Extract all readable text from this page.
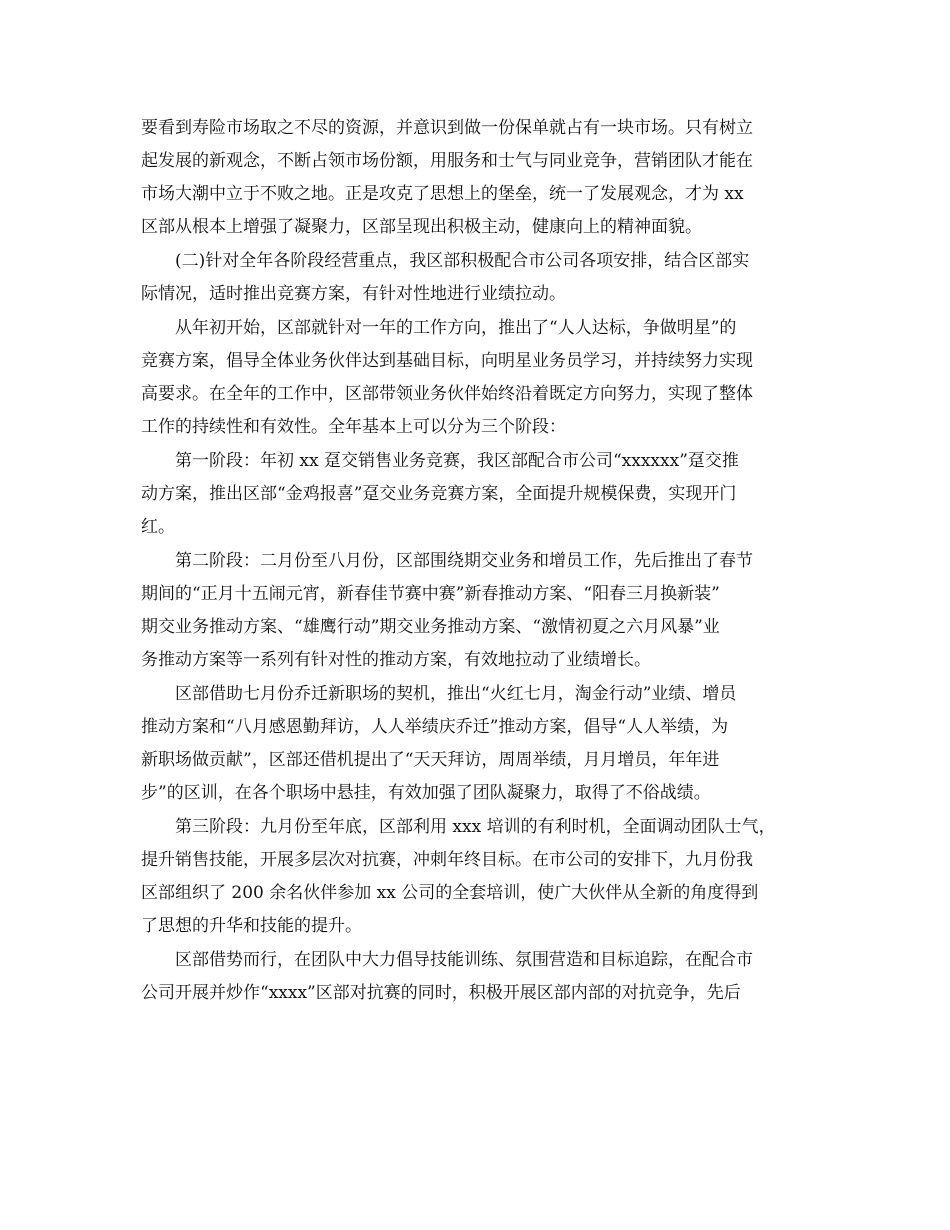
要看到寿险市场取之不尽的资源，并意识到做一份保单就占有一块市场。只有树立
起发展的新观念，不断占领市场份额，用服务和士气与同业竞争，营销团队才能在
市场大潮中立于不败之地。正是攻克了思想上的堡垒，统一了发展观念，才为 xx
区部从根本上增强了凝聚力，区部呈现出积极主动，健康向上的精神面貌。
(二)针对全年各阶段经营重点，我区部积极配合市公司各项安排，结合区部实
际情况，适时推出竞赛方案，有针对性地进行业绩拉动。
从年初开始，区部就针对一年的工作方向，推出了“人人达标，争做明星”的
竞赛方案，倡导全体业务伙伴达到基础目标，向明星业务员学习，并持续努力实现
高要求。在全年的工作中，区部带领业务伙伴始终沿着既定方向努力，实现了整体
工作的持续性和有效性。全年基本上可以分为三个阶段：
第一阶段：年初 xx 趸交销售业务竞赛，我区部配合市公司“xxxxxx”趸交推
动方案，推出区部“金鸡报喜”趸交业务竞赛方案，全面提升规模保费，实现开门
红。
第二阶段：二月份至八月份，区部围绕期交业务和增员工作，先后推出了春节
期间的“正月十五闹元宵，新春佳节赛中赛”新春推动方案、“阳春三月换新装”
期交业务推动方案、“雄鹰行动”期交业务推动方案、“激情初夏之六月风暴”业
务推动方案等一系列有针对性的推动方案，有效地拉动了业绩增长。
区部借助七月份乔迁新职场的契机，推出“火红七月，淘金行动”业绩、增员
推动方案和“八月感恩勤拜访，人人举绩庆乔迁”推动方案，倡导“人人举绩，为
新职场做贡献”，区部还借机提出了“天天拜访，周周举绩，月月增员，年年进
步”的区训，在各个职场中悬挂，有效加强了团队凝聚力，取得了不俗战绩。
第三阶段：九月份至年底，区部利用 xxx 培训的有利时机，全面调动团队士气，
提升销售技能，开展多层次对抗赛，冲刺年终目标。在市公司的安排下，九月份我
区部组织了 200 余名伙伴参加 xx 公司的全套培训，使广大伙伴从全新的角度得到
了思想的升华和技能的提升。
区部借势而行，在团队中大力倡导技能训练、氛围营造和目标追踪，在配合市
公司开展并炒作“xxxx”区部对抗赛的同时，积极开展区部内部的对抗竞争，先后
